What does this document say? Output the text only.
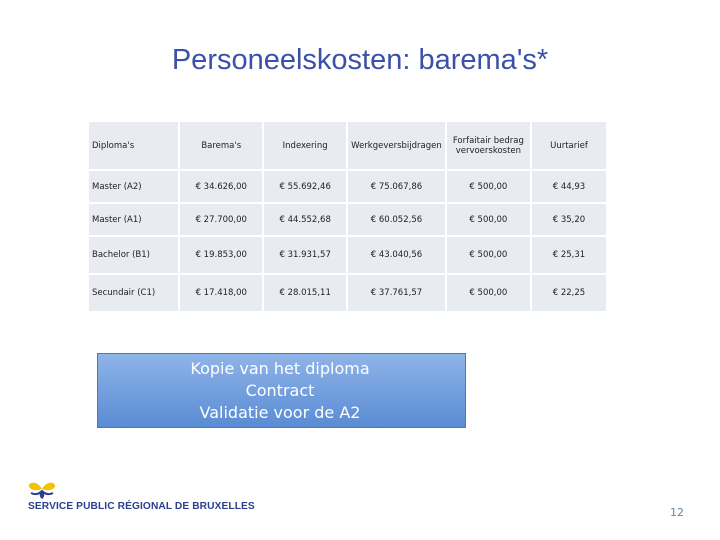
Personeelskosten: barema's*
Diploma's	Barema's	Indexering	Werkgeversbijdragen	Forfaitair bedrag vervoerskosten	Uurtarief
Master (A2)	€ 34.626,00	€ 55.692,46	€ 75.067,86	€ 500,00	€ 44,93
Master (A1)	€ 27.700,00	€ 44.552,68	€ 60.052,56	€ 500,00	€ 35,20
Bachelor (B1)	€ 19.853,00	€ 31.931,57	€ 43.040,56	€ 500,00	€ 25,31
Secundair (C1)	€ 17.418,00	€ 28.015,11	€ 37.761,57	€ 500,00	€ 22,25
Kopie van het diploma
Contract
Validatie voor de A2
SERVICE PUBLIC RÉGIONAL DE BRUXELLES	12
